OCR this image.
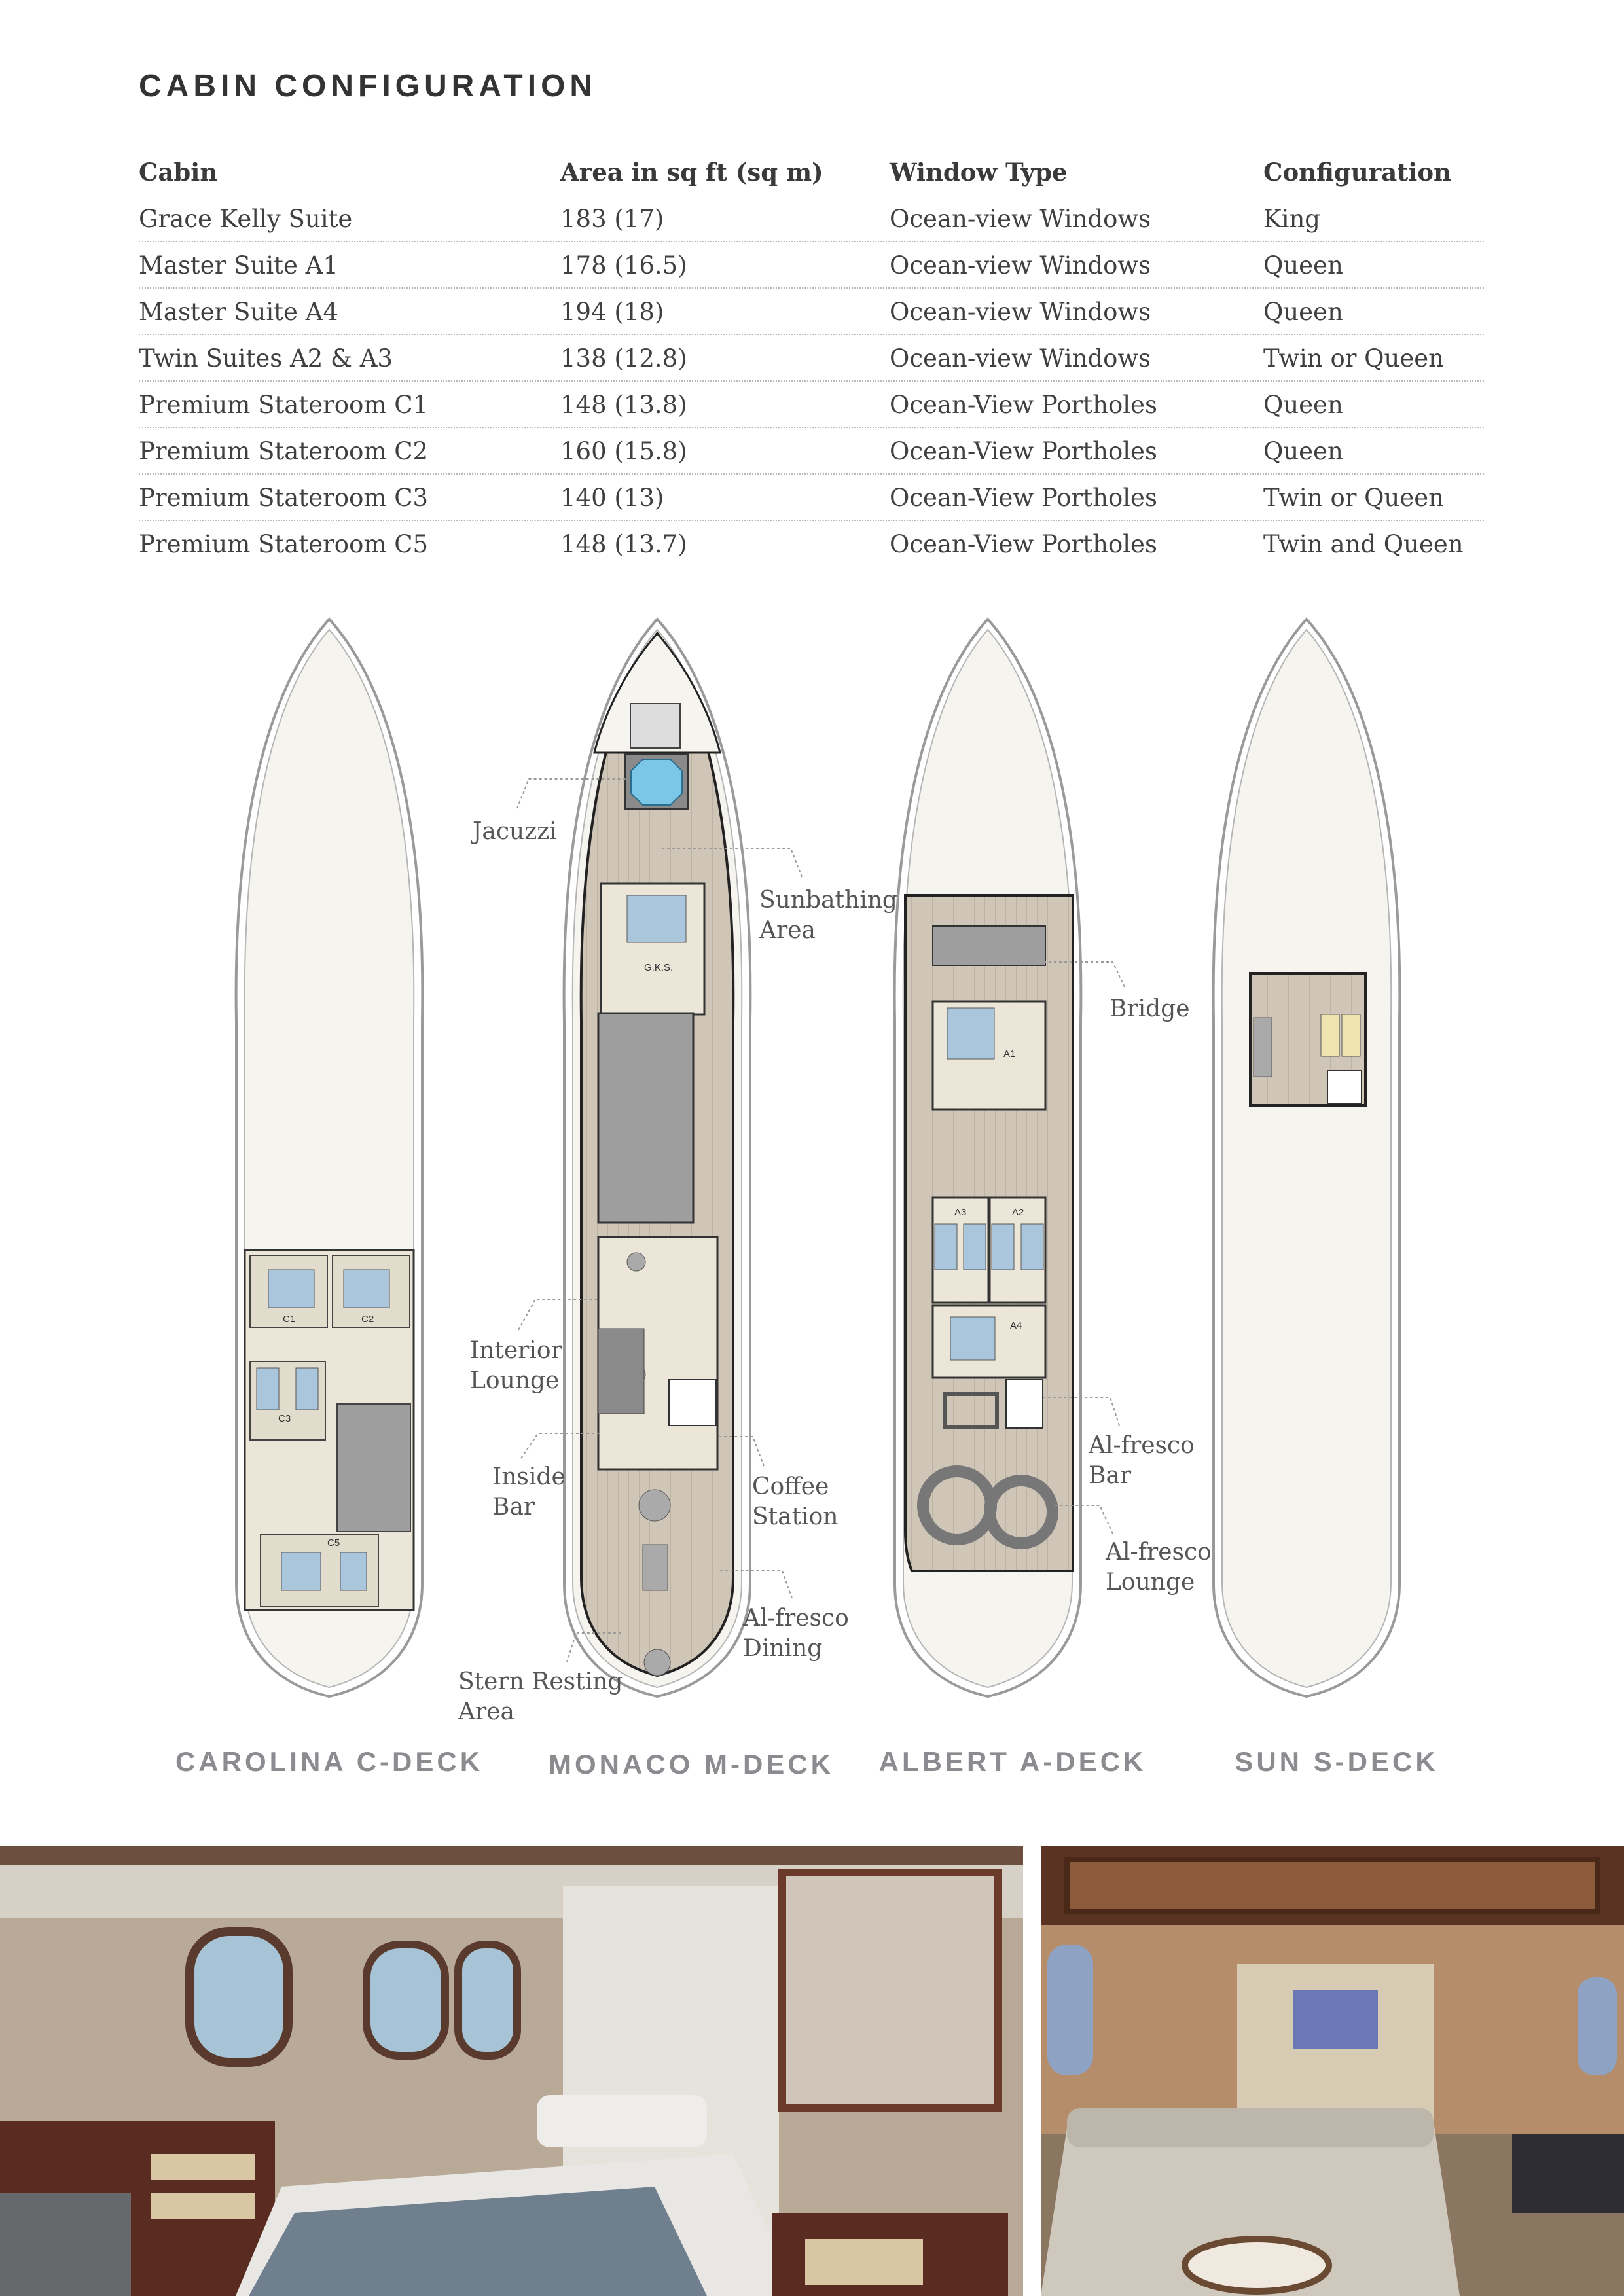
CABIN CONFIGURATION
Cabin	Area in sq ft (sq m)	Window Type	Configuration
Grace Kelly Suite	183 (17)	Ocean-view Windows	King
Master Suite A1	178 (16.5)	Ocean-view Windows	Queen
Master Suite A4	194 (18)	Ocean-view Windows	Queen
Twin Suites A2 & A3	138 (12.8)	Ocean-view Windows	Twin or Queen
Premium Stateroom C1	148 (13.8)	Ocean-View Portholes	Queen
Premium Stateroom C2	160 (15.8)	Ocean-View Portholes	Queen
Premium Stateroom C3	140 (13)	Ocean-View Portholes	Twin or Queen
Premium Stateroom C5	148 (13.7)	Ocean-View Portholes	Twin and Queen
C1	C2
C3
C5
G.K.S.
A1
A3	A2
A4
Jacuzzi
Sunbathing
Area
Bridge
Interior
Lounge
Inside
Bar
Coffee
Station
Al-fresco
Bar
Al-fresco
Lounge
Al-fresco
Dining
Stern Resting
Area
CAROLINA C-DECK MONACO M-DECK ALBERT A-DECK	SUN S-DECK
